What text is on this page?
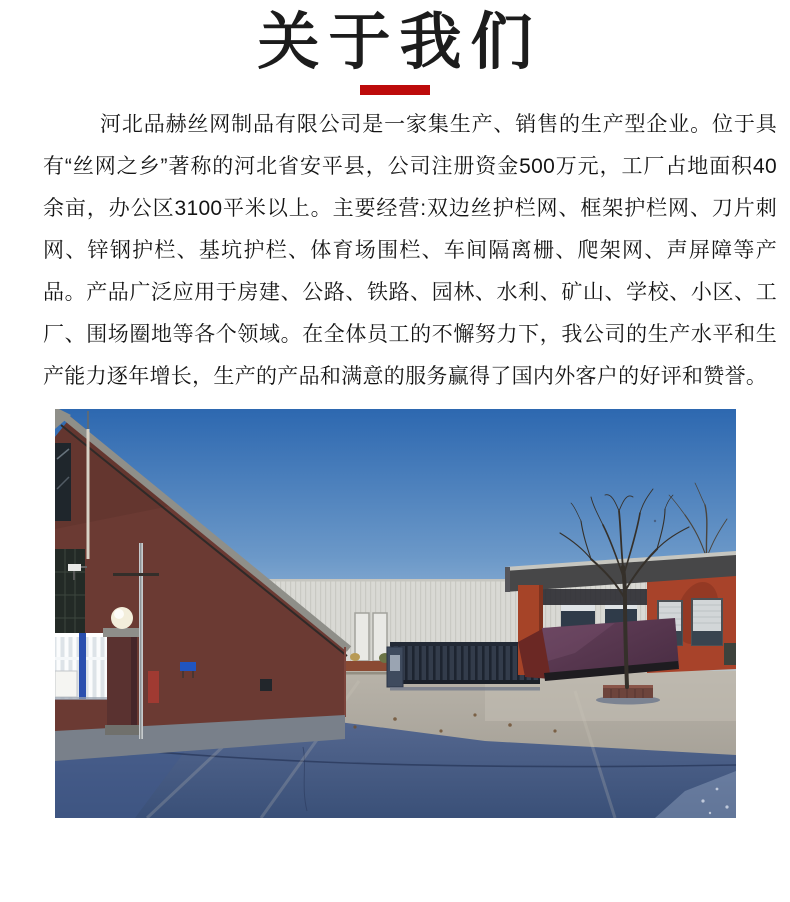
关于我们

河北品赫丝网制品有限公司是一家集生产、销售的生产型企业。位于具有“丝网之乡”著称的河北省安平县，公司注册资金500万元，工厂占地面积40余亩，办公区3100平米以上。主要经营:双边丝护栏网、框架护栏网、刀片刺网、锌钢护栏、基坑护栏、体育场围栏、车间隔离栅、爬架网、声屏障等产品。产品广泛应用于房建、公路、铁路、园林、水利、矿山、学校、小区、工厂、围场圈地等各个领域。在全体员工的不懈努力下，我公司的生产水平和生产能力逐年增长，生产的产品和满意的服务赢得了国内外客户的好评和赞誉。
